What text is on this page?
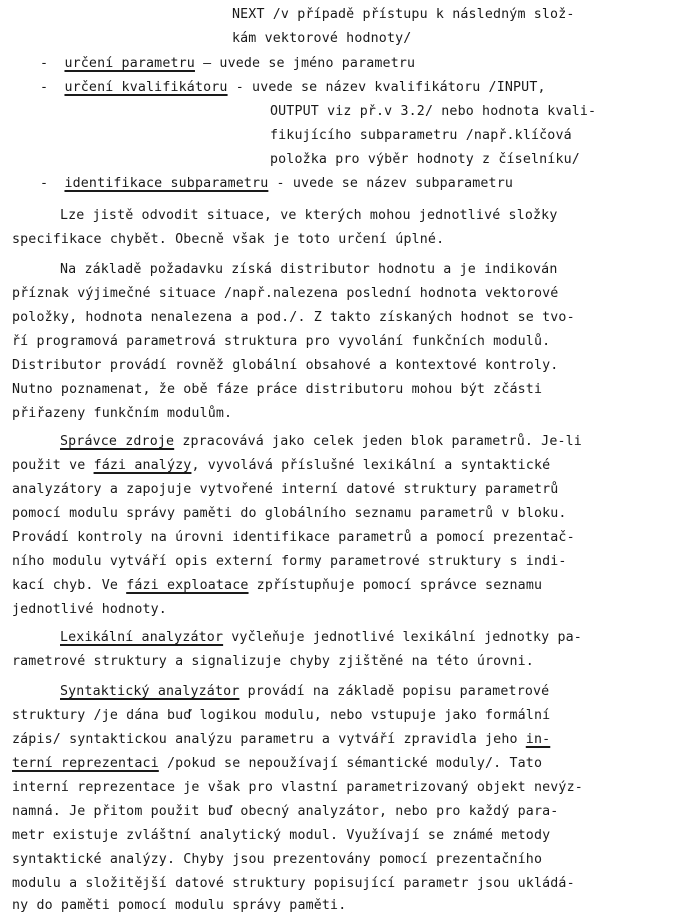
NEXT /v případě přístupu k následným slož-
kám vektorové hodnoty/
- určení parametru – uvede se jméno parametru
- určení kvalifikátoru - uvede se název kvalifikátoru /INPUT,
OUTPUT viz př.v 3.2/ nebo hodnota kvali-
fikujícího subparametru /např.klíčová
položka pro výběr hodnoty z číselníku/
- identifikace subparametru - uvede se název subparametru
Lze jistě odvodit situace, ve kterých mohou jednotlivé složky
specifikace chybět. Obecně však je toto určení úplné.
Na základě požadavku získá distributor hodnotu a je indikován
příznak výjimečné situace /např.nalezena poslední hodnota vektorové
položky, hodnota nenalezena a pod./. Z takto získaných hodnot se tvo-
ří programová parametrová struktura pro vyvolání funkčních modulů.
Distributor provádí rovněž globální obsahové a kontextové kontroly.
Nutno poznamenat, že obě fáze práce distributoru mohou být zčásti
přiřazeny funkčním modulům.
Správce zdroje zpracovává jako celek jeden blok parametrů. Je-li
použit ve fázi analýzy, vyvolává příslušné lexikální a syntaktické
analyzátory a zapojuje vytvořené interní datové struktury parametrů
pomocí modulu správy paměti do globálního seznamu parametrů v bloku.
Provádí kontroly na úrovni identifikace parametrů a pomocí prezentač-
ního modulu vytváří opis externí formy parametrové struktury s indi-
kací chyb. Ve fázi exploatace zpřístupňuje pomocí správce seznamu
jednotlivé hodnoty.
Lexikální analyzátor vyčleňuje jednotlivé lexikální jednotky pa-
rametrové struktury a signalizuje chyby zjištěné na této úrovni.
Syntaktický analyzátor provádí na základě popisu parametrové
struktury /je dána buď logikou modulu, nebo vstupuje jako formální
zápis/ syntaktickou analýzu parametru a vytváří zpravidla jeho in-
terní reprezentaci /pokud se nepoužívají sémantické moduly/. Tato
interní reprezentace je však pro vlastní parametrizovaný objekt nevýz-
namná. Je přitom použit buď obecný analyzátor, nebo pro každý para-
metr existuje zvláštní analytický modul. Využívají se známé metody
syntaktické analýzy. Chyby jsou prezentovány pomocí prezentačního
modulu a složitější datové struktury popisující parametr jsou ukládá-
ny do paměti pomocí modulu správy paměti.
